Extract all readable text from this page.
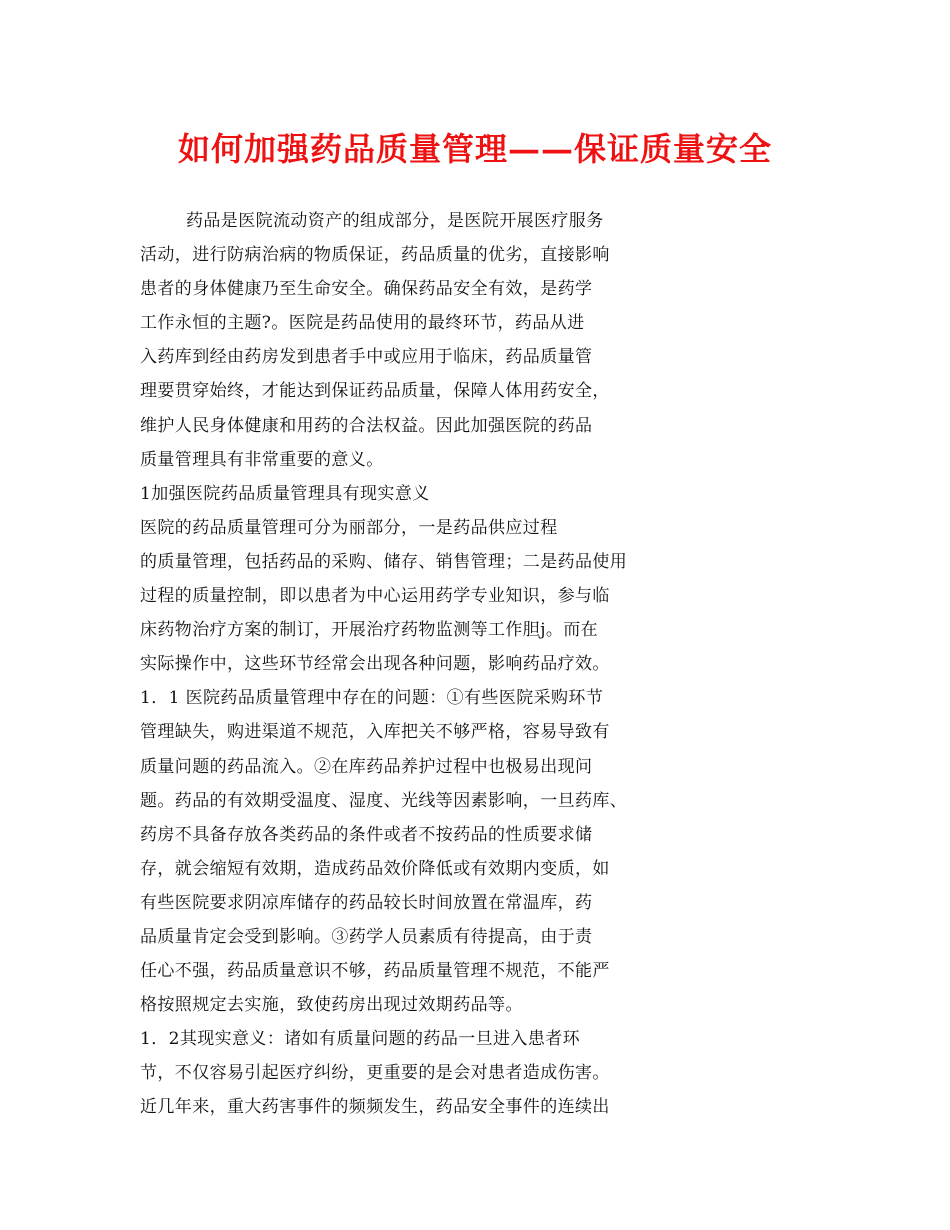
如何加强药品质量管理——保证质量安全
药品是医院流动资产的组成部分，是医院开展医疗服务
活动，进行防病治病的物质保证，药品质量的优劣，直接影响
患者的身体健康乃至生命安全。确保药品安全有效，是药学
工作永恒的主题?。医院是药品使用的最终环节，药品从进
入药库到经由药房发到患者手中或应用于临床，药品质量管
理要贯穿始终，才能达到保证药品质量，保障人体用药安全，
维护人民身体健康和用药的合法权益。因此加强医院的药品
质量管理具有非常重要的意义。
1加强医院药品质量管理具有现实意义
医院的药品质量管理可分为丽部分，一是药品供应过程
的质量管理，包括药品的采购、储存、销售管理；二是药品使用
过程的质量控制，即以患者为中心运用药学专业知识，参与临
床药物治疗方案的制订，开展治疗药物监测等工作胆j。而在
实际操作中，这些环节经常会出现各种问题，影响药品疗效。
1．1 医院药品质量管理中存在的问题：①有些医院采购环节
管理缺失，购进渠道不规范，入库把关不够严格，容易导致有
质量问题的药品流入。②在库药品养护过程中也极易出现问
题。药品的有效期受温度、湿度、光线等因素影响，一旦药库、
药房不具备存放各类药品的条件或者不按药品的性质要求储
存，就会缩短有效期，造成药品效价降低或有效期内变质，如
有些医院要求阴凉库储存的药品较长时间放置在常温库，药
品质量肯定会受到影响。③药学人员素质有待提高，由于责
任心不强，药品质量意识不够，药品质量管理不规范，不能严
格按照规定去实施，致使药房出现过效期药品等。
1．2其现实意义：诸如有质量问题的药品一旦进入患者环
节，不仅容易引起医疗纠纷，更重要的是会对患者造成伤害。
近几年来，重大药害事件的频频发生，药品安全事件的连续出
